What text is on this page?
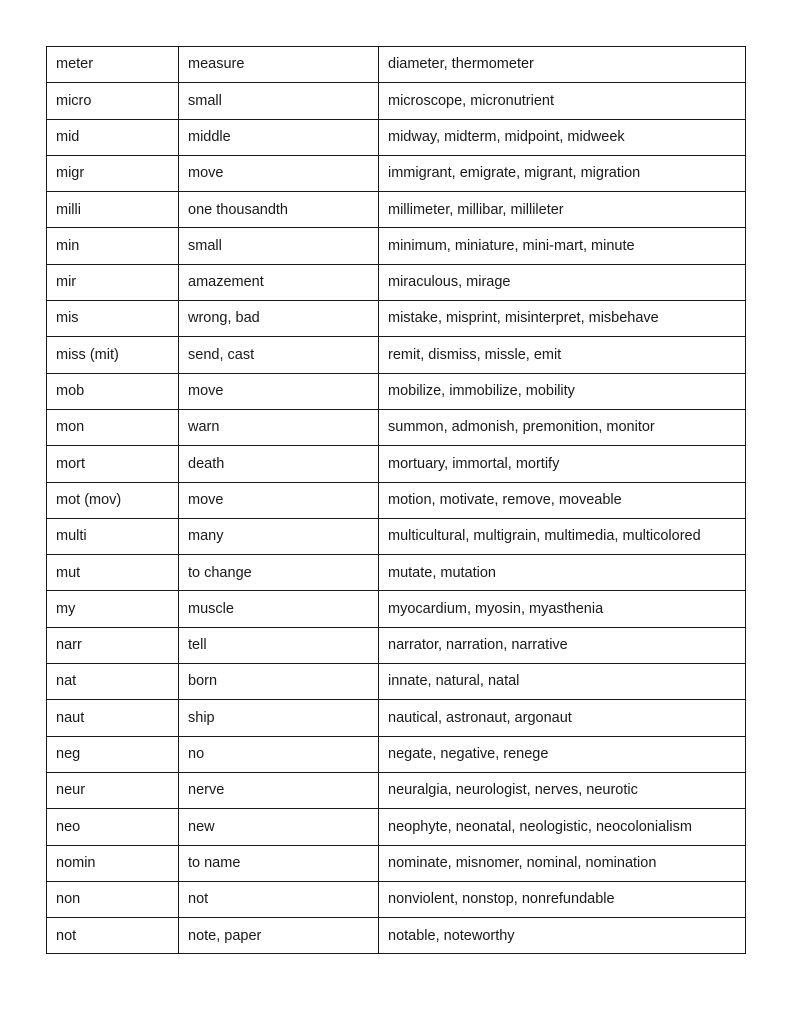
meter	measure	diameter, thermometer
micro	small	microscope, micronutrient
mid	middle	midway, midterm, midpoint, midweek
migr	move	immigrant, emigrate, migrant, migration
milli	one thousandth	millimeter, millibar, millileter
min	small	minimum, miniature, mini-mart, minute
mir	amazement	miraculous, mirage
mis	wrong, bad	mistake, misprint, misinterpret, misbehave
miss (mit)	send, cast	remit, dismiss, missle, emit
mob	move	mobilize, immobilize, mobility
mon	warn	summon, admonish, premonition, monitor
mort	death	mortuary, immortal, mortify
mot (mov)	move	motion, motivate, remove, moveable
multi	many	multicultural, multigrain, multimedia, multicolored
mut	to change	mutate, mutation
my	muscle	myocardium, myosin, myasthenia
narr	tell	narrator, narration, narrative
nat	born	innate, natural, natal
naut	ship	nautical, astronaut, argonaut
neg	no	negate, negative, renege
neur	nerve	neuralgia, neurologist, nerves, neurotic
neo	new	neophyte, neonatal, neologistic, neocolonialism
nomin	to name	nominate, misnomer, nominal, nomination
non	not	nonviolent, nonstop, nonrefundable
not	note, paper	notable, noteworthy
